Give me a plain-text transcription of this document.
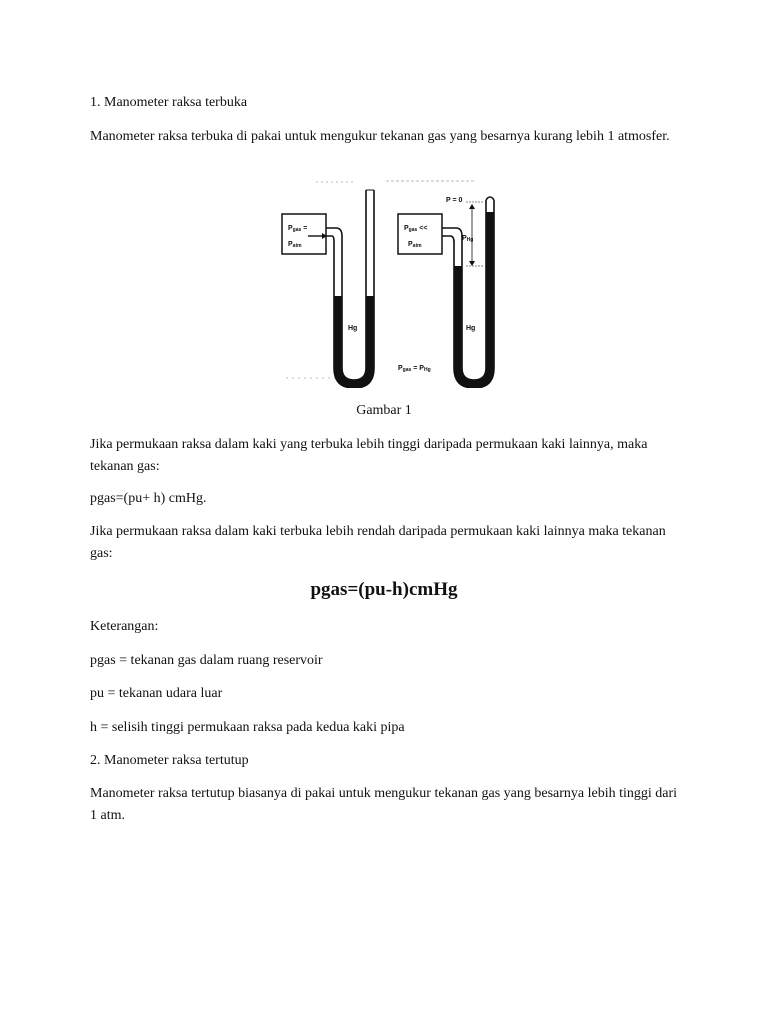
1. Manometer raksa terbuka

Manometer raksa terbuka di pakai untuk mengukur tekanan gas yang besarnya kurang lebih 1 atmosfer.

Pgas =
Patm
Hg
P = 0
Pgas <<
Patm
PHg
Hg
Pgas = PHg

Gambar 1

Jika permukaan raksa dalam kaki yang terbuka lebih tinggi daripada permukaan kaki lainnya, maka tekanan gas:

pgas=(pu+ h) cmHg.

Jika permukaan raksa dalam kaki terbuka lebih rendah daripada permukaan kaki lainnya maka tekanan gas:

pgas=(pu-h)cmHg

Keterangan:

pgas = tekanan gas dalam ruang reservoir

pu = tekanan udara luar

h = selisih tinggi permukaan raksa pada kedua kaki pipa

2. Manometer raksa tertutup

Manometer raksa tertutup biasanya di pakai untuk mengukur tekanan gas yang besarnya lebih tinggi dari 1 atm.
